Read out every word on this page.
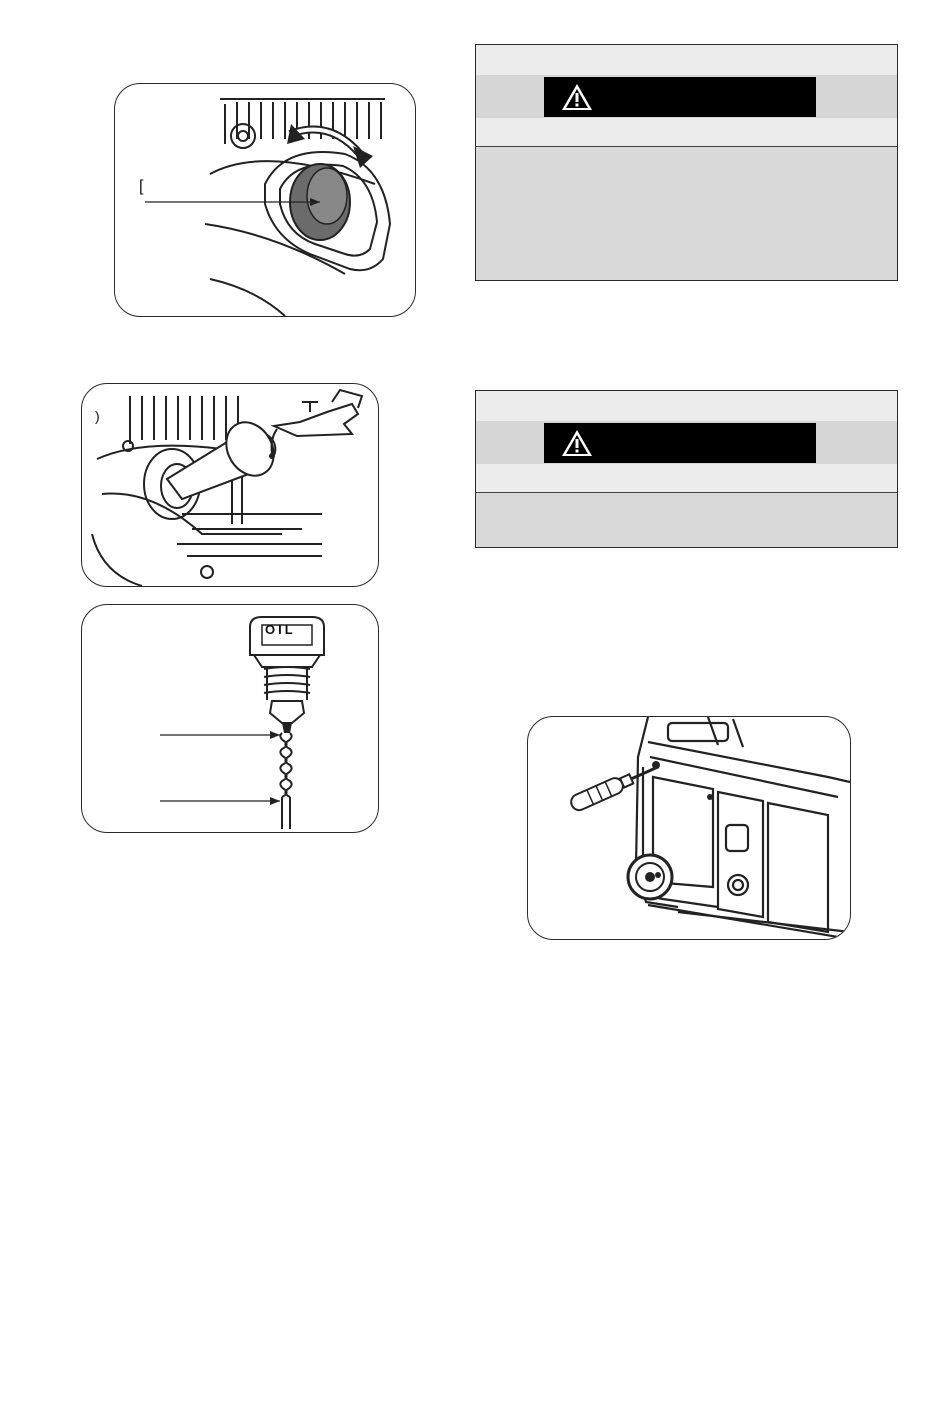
[
)
OIL
